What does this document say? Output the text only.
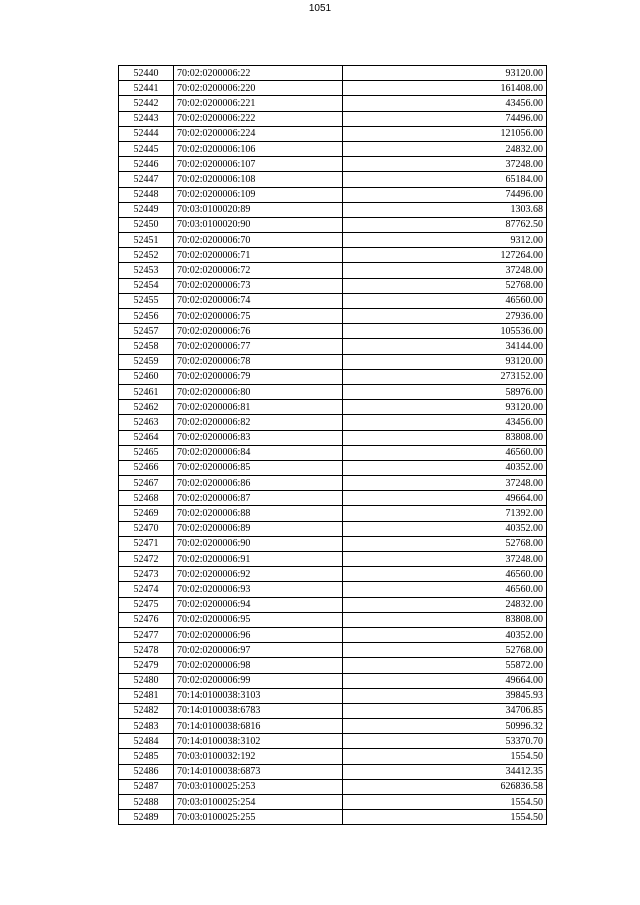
1051
52440	70:02:0200006:22	93120.00
52441	70:02:0200006:220	161408.00
52442	70:02:0200006:221	43456.00
52443	70:02:0200006:222	74496.00
52444	70:02:0200006:224	121056.00
52445	70:02:0200006:106	24832.00
52446	70:02:0200006:107	37248.00
52447	70:02:0200006:108	65184.00
52448	70:02:0200006:109	74496.00
52449	70:03:0100020:89	1303.68
52450	70:03:0100020:90	87762.50
52451	70:02:0200006:70	9312.00
52452	70:02:0200006:71	127264.00
52453	70:02:0200006:72	37248.00
52454	70:02:0200006:73	52768.00
52455	70:02:0200006:74	46560.00
52456	70:02:0200006:75	27936.00
52457	70:02:0200006:76	105536.00
52458	70:02:0200006:77	34144.00
52459	70:02:0200006:78	93120.00
52460	70:02:0200006:79	273152.00
52461	70:02:0200006:80	58976.00
52462	70:02:0200006:81	93120.00
52463	70:02:0200006:82	43456.00
52464	70:02:0200006:83	83808.00
52465	70:02:0200006:84	46560.00
52466	70:02:0200006:85	40352.00
52467	70:02:0200006:86	37248.00
52468	70:02:0200006:87	49664.00
52469	70:02:0200006:88	71392.00
52470	70:02:0200006:89	40352.00
52471	70:02:0200006:90	52768.00
52472	70:02:0200006:91	37248.00
52473	70:02:0200006:92	46560.00
52474	70:02:0200006:93	46560.00
52475	70:02:0200006:94	24832.00
52476	70:02:0200006:95	83808.00
52477	70:02:0200006:96	40352.00
52478	70:02:0200006:97	52768.00
52479	70:02:0200006:98	55872.00
52480	70:02:0200006:99	49664.00
52481	70:14:0100038:3103	39845.93
52482	70:14:0100038:6783	34706.85
52483	70:14:0100038:6816	50996.32
52484	70:14:0100038:3102	53370.70
52485	70:03:0100032:192	1554.50
52486	70:14:0100038:6873	34412.35
52487	70:03:0100025:253	626836.58
52488	70:03:0100025:254	1554.50
52489	70:03:0100025:255	1554.50
